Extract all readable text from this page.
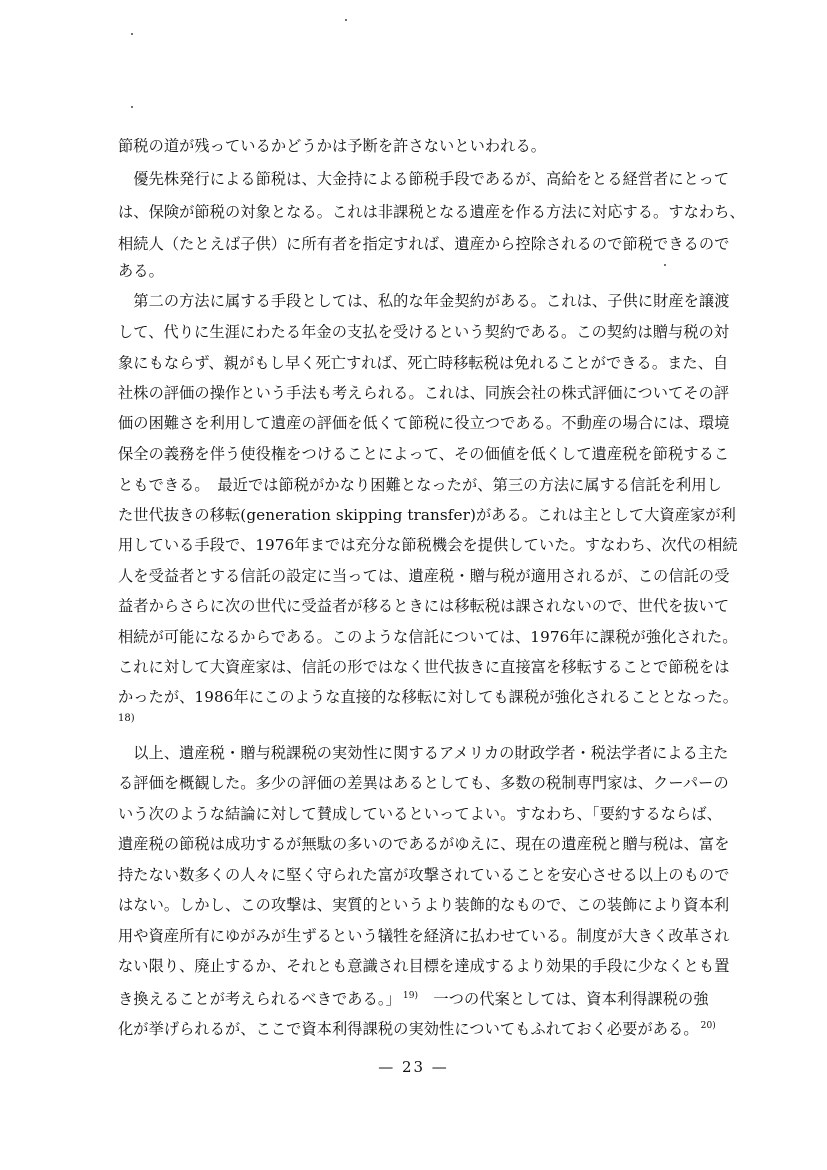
節税の道が残っているかどうかは予断を許さないといわれる。
　優先株発行による節税は、大金持による節税手段であるが、高給をとる経営者にとって
は、保険が節税の対象となる。これは非課税となる遺産を作る方法に対応する。すなわち、
相続人（たとえば子供）に所有者を指定すれば、遺産から控除されるので節税できるので
ある。
　第二の方法に属する手段としては、私的な年金契約がある。これは、子供に財産を譲渡
して、代りに生涯にわたる年金の支払を受けるという契約である。この契約は贈与税の対
象にもならず、親がもし早く死亡すれば、死亡時移転税は免れることができる。また、自
社株の評価の操作という手法も考えられる。これは、同族会社の株式評価についてその評
価の困難さを利用して遺産の評価を低くて節税に役立つである。不動産の場合には、環境
保全の義務を伴う使役権をつけることによって、その価値を低くして遺産税を節税するこ
ともできる。　最近では節税がかなり困難となったが、第三の方法に属する信託を利用し
た世代抜きの移転(generation skipping transfer)がある。これは主として大資産家が利
用している手段で、1976年までは充分な節税機会を提供していた。すなわち、次代の相続
人を受益者とする信託の設定に当っては、遺産税・贈与税が適用されるが、この信託の受
益者からさらに次の世代に受益者が移るときには移転税は課されないので、世代を抜いて
相続が可能になるからである。このような信託については、1976年に課税が強化された。
これに対して大資産家は、信託の形ではなく世代抜きに直接富を移転することで節税をは
かったが、1986年にこのような直接的な移転に対しても課税が強化されることとなった。
18)
　以上、遺産税・贈与税課税の実効性に関するアメリカの財政学者・税法学者による主た
る評価を概観した。多少の評価の差異はあるとしても、多数の税制専門家は、クーパーの
いう次のような結論に対して賛成しているといってよい。すなわち、「要約するならば、
遺産税の節税は成功するが無駄の多いのであるがゆえに、現在の遺産税と贈与税は、富を
持たない数多くの人々に堅く守られた富が攻撃されていることを安心させる以上のもので
はない。しかし、この攻撃は、実質的というより装飾的なもので、この装飾により資本利
用や資産所有にゆがみが生ずるという犠牲を経済に払わせている。制度が大きく改革され
ない限り、廃止するか、それとも意識され目標を達成するより効果的手段に少なくとも置
き換えることが考えられるべきである。」 $^{19)}$　一つの代案としては、資本利得課税の強
化が挙げられるが、ここで資本利得課税の実効性についてもふれておく必要がある。 $^{20)}$
— 23 —
